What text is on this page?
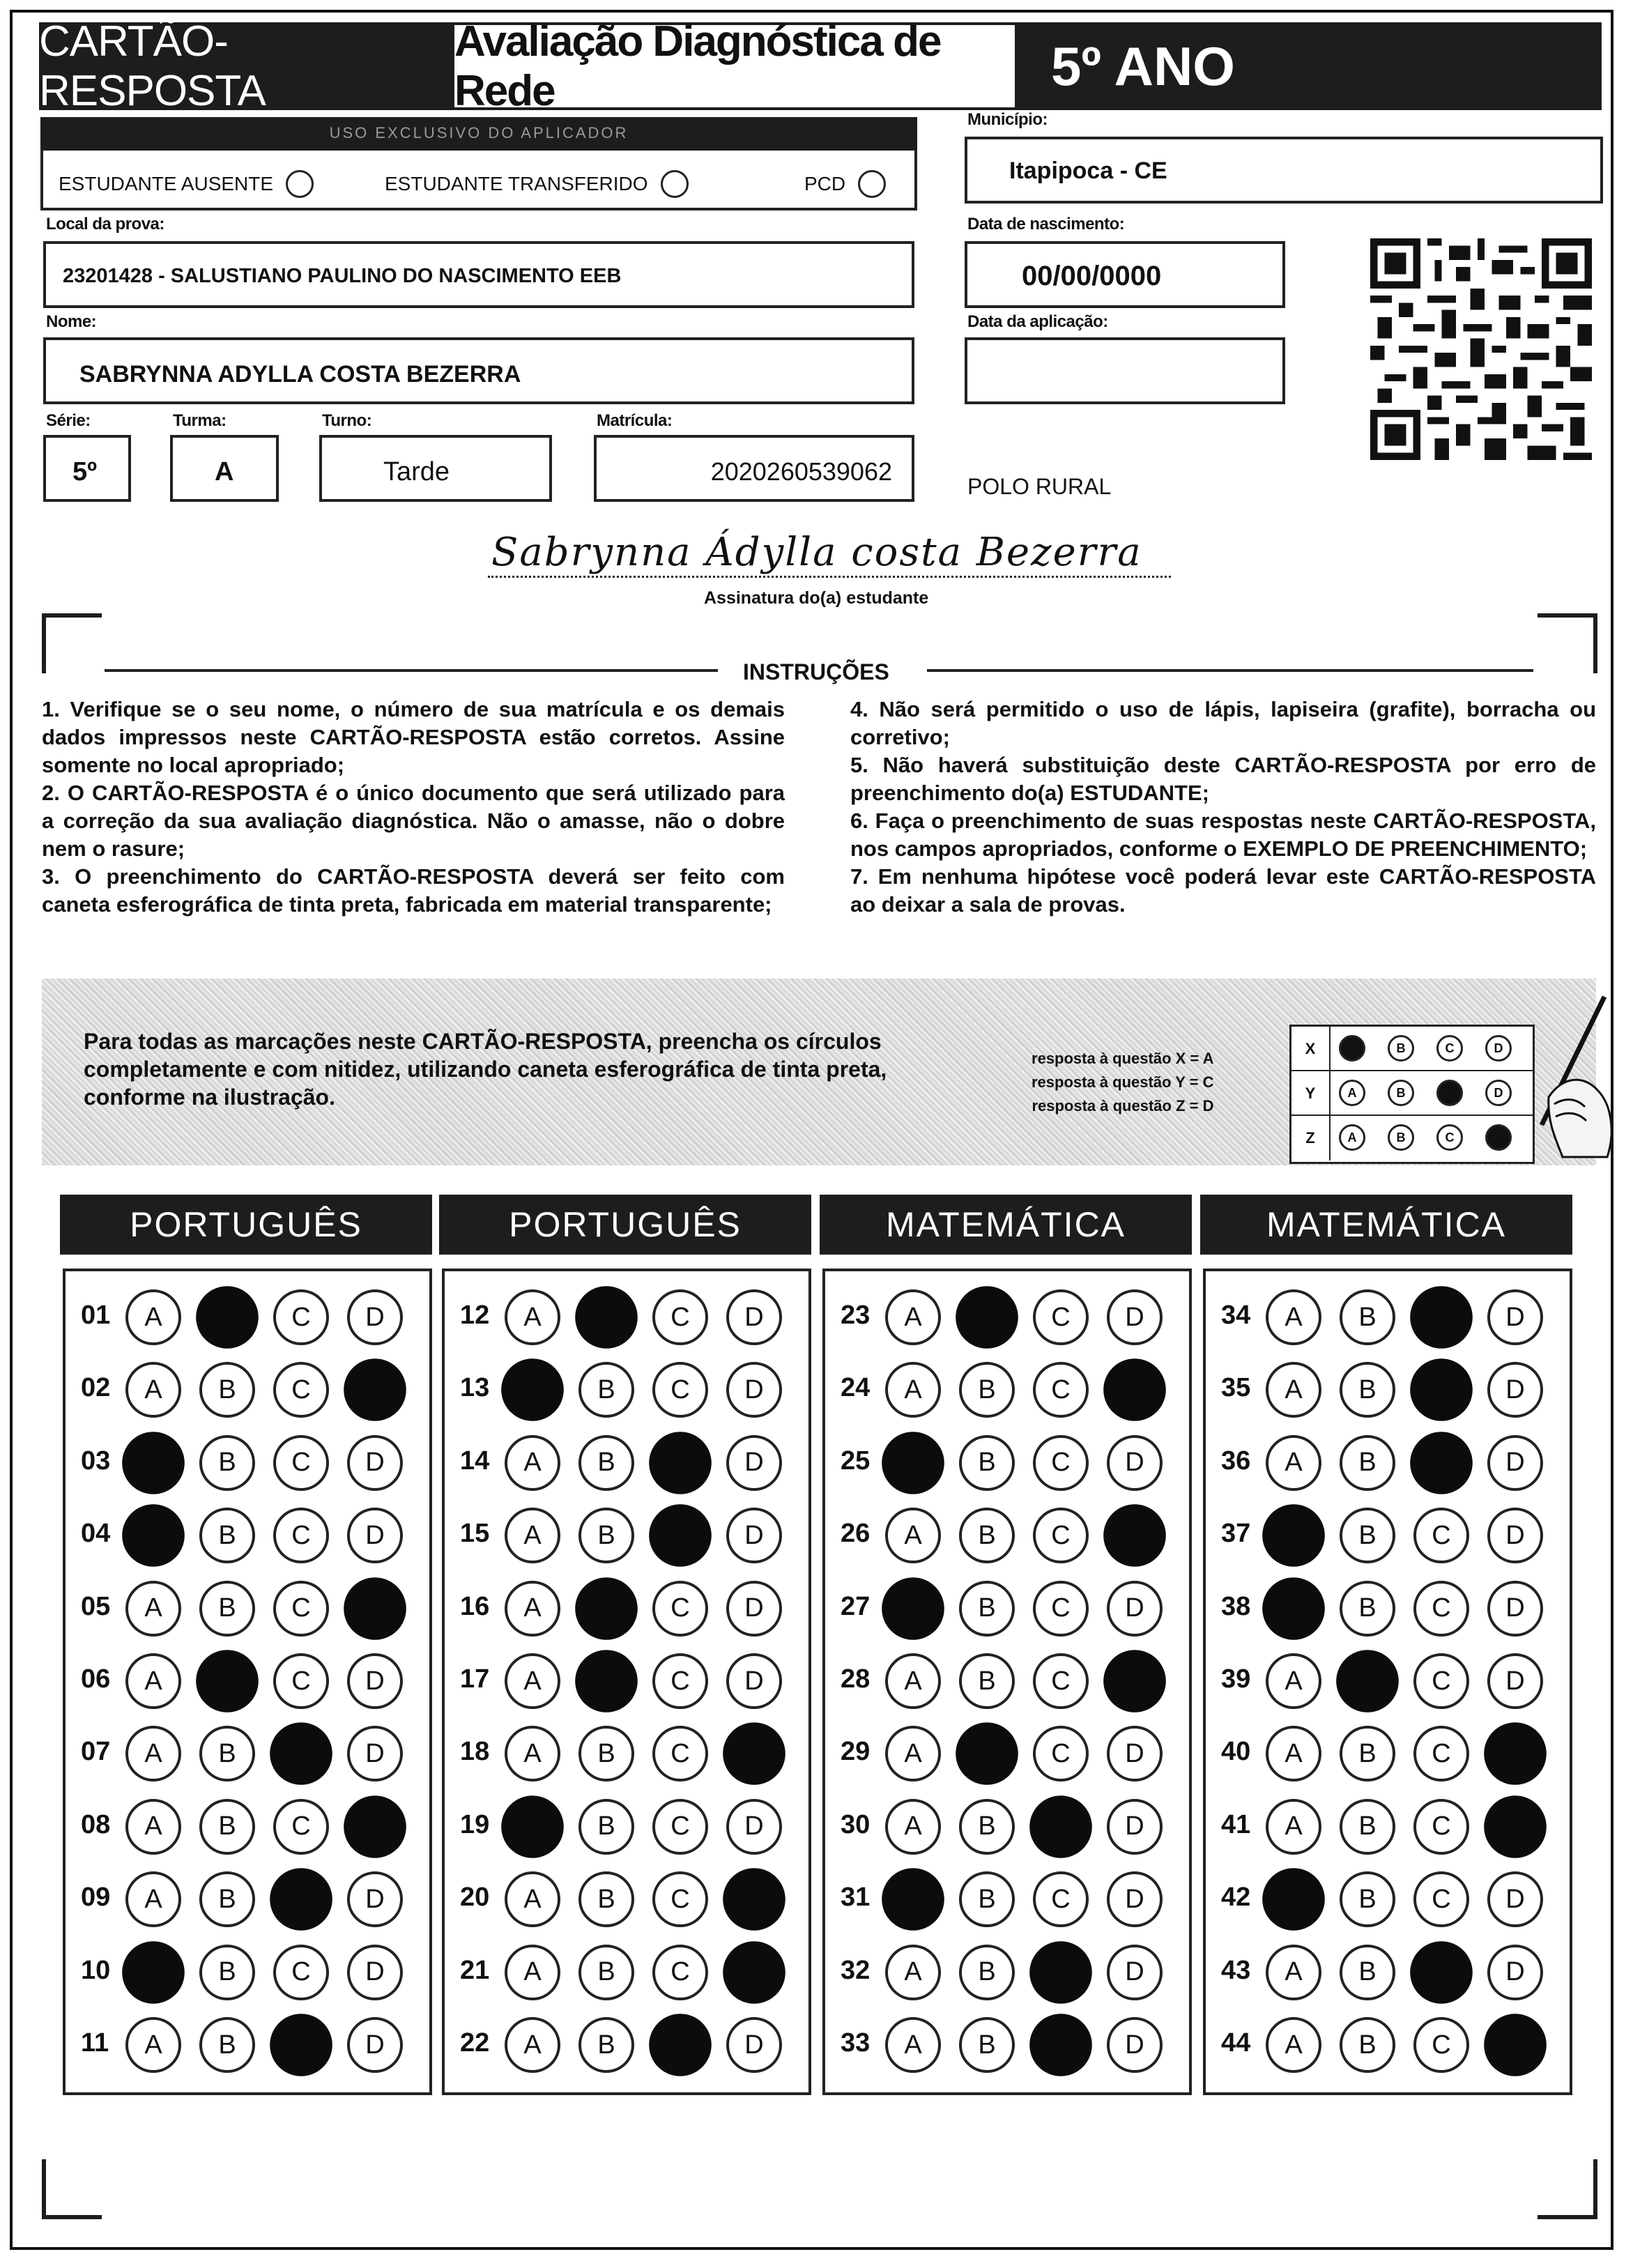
CARTÃO-RESPOSTA
Avaliação Diagnóstica de Rede	5º ANO
USO EXCLUSIVO DO APLICADOR
ESTUDANTE AUSENTE	ESTUDANTE TRANSFERIDO	PCD
Município:
Itapipoca - CE
Local da prova:
23201428 - SALUSTIANO PAULINO DO NASCIMENTO EEB
Data de nascimento:
00/00/0000
Data da aplicação:
Nome:
SABRYNNA ADYLLA COSTA BEZERRA
Série:
5º
Turma:
A
Turno:
Tarde
Matrícula:
2020260539062
POLO RURAL
Sabrynna Ádylla costa Bezerra
Assinatura do(a) estudante
INSTRUÇÕES

1. Verifique se o seu nome, o número de sua matrícula e os demais dados impressos neste CARTÃO-RESPOSTA estão corretos. Assine somente no local apropriado;

2. O CARTÃO-RESPOSTA é o único documento que será utilizado para a correção da sua avaliação diagnóstica. Não o amasse, não o dobre nem o rasure;

3. O preenchimento do CARTÃO-RESPOSTA deverá ser feito com caneta esferográfica de tinta preta, fabricada em material transparente;

4. Não será permitido o uso de lápis, lapiseira (grafite), borracha ou corretivo;

5. Não haverá substituição deste CARTÃO-RESPOSTA por erro de preenchimento do(a) ESTUDANTE;

6. Faça o preenchimento de suas respostas neste CARTÃO-RESPOSTA, nos campos apropriados, conforme o EXEMPLO DE PREENCHIMENTO;

7. Em nenhuma hipótese você poderá levar este CARTÃO-RESPOSTA ao deixar a sala de provas.

Para todas as marcações neste CARTÃO-RESPOSTA, preencha os círculos completamente e com nitidez, utilizando caneta esferográfica de tinta preta, conforme na ilustração.
resposta à questão X = A
resposta à questão Y = C
resposta à questão Z = D
X	A	B	C	D
Y	A	B	C	D
Z	A	B	C	D
PORTUGUÊS
01	A	B	C	D
02	A	B	C	D
03	A	B	C	D
04	A	B	C	D
05	A	B	C	D
06	A	B	C	D
07	A	B	C	D
08	A	B	C	D
09	A	B	C	D
10	A	B	C	D
11	A	B	C	D
PORTUGUÊS
12	A	B	C	D
13	A	B	C	D
14	A	B	C	D
15	A	B	C	D
16	A	B	C	D
17	A	B	C	D
18	A	B	C	D
19	A	B	C	D
20	A	B	C	D
21	A	B	C	D
22	A	B	C	D
MATEMÁTICA
23	A	B	C	D
24	A	B	C	D
25	A	B	C	D
26	A	B	C	D
27	A	B	C	D
28	A	B	C	D
29	A	B	C	D
30	A	B	C	D
31	A	B	C	D
32	A	B	C	D
33	A	B	C	D
MATEMÁTICA
34	A	B	C	D
35	A	B	C	D
36	A	B	C	D
37	A	B	C	D
38	A	B	C	D
39	A	B	C	D
40	A	B	C	D
41	A	B	C	D
42	A	B	C	D
43	A	B	C	D
44	A	B	C	D
